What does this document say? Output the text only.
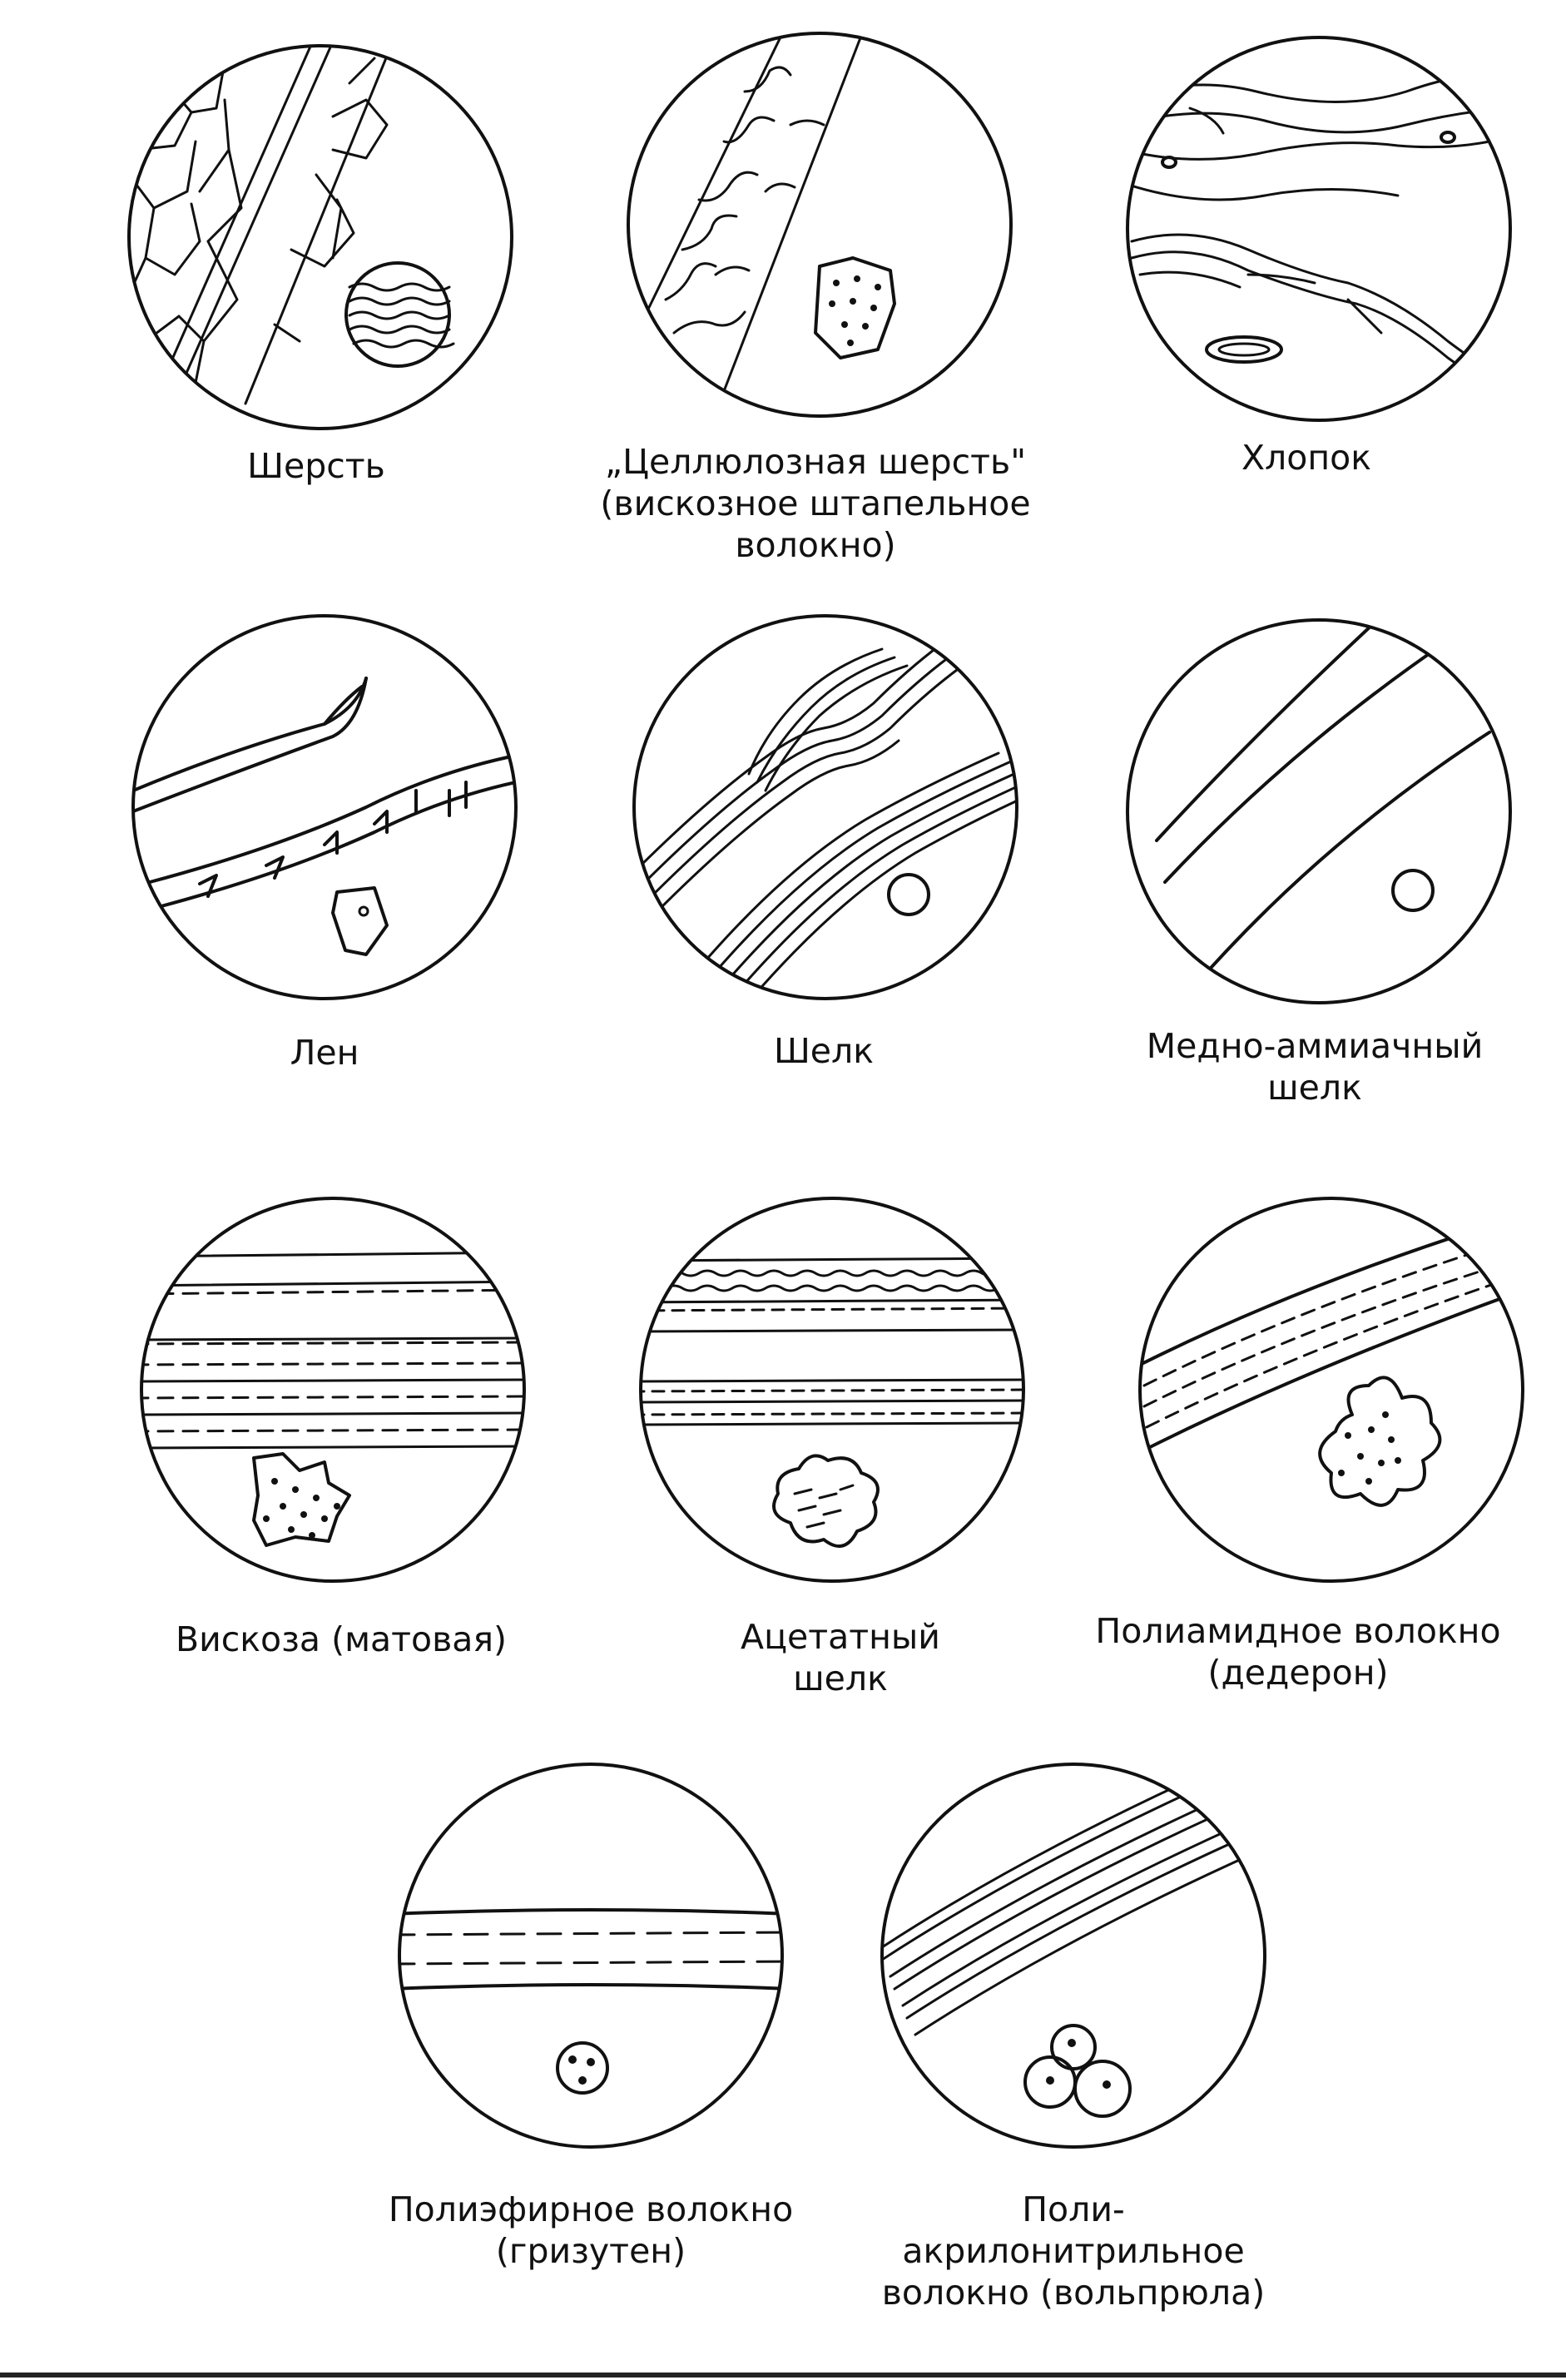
Шерсть	„Целлюлозная шерсть"
(вискозное штапельное
волокно)
Хлопок
Лен	Шелк	Медно-аммиачный
шелк
Вискоза (матовая)	Ацетатный
шелк
Полиамидное волокно
(дедерон)
Полиэфирное волокно
(гризутен)
Поли-
акрилонитрильное
волокно (вольпрюла)
